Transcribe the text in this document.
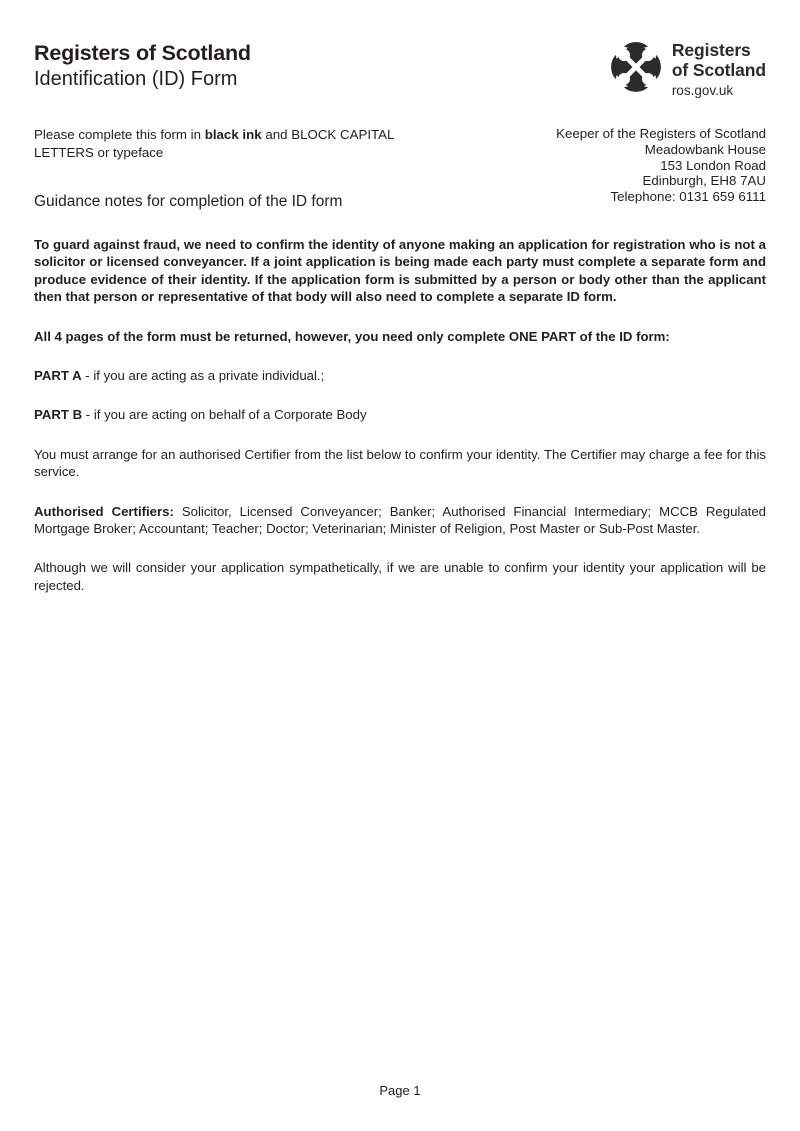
Registers of Scotland
Identification (ID) Form
Registers
of Scotland
ros.gov.uk
Please complete this form in black ink and BLOCK CAPITAL LETTERS or typeface
Keeper of the Registers of Scotland
Meadowbank House
153 London Road
Edinburgh, EH8 7AU
Telephone: 0131 659 6111
Guidance notes for completion of the ID form

To guard against fraud, we need to confirm the identity of anyone making an application for registration who is not a solicitor or licensed conveyancer. If a joint application is being made each party must complete a separate form and produce evidence of their identity. If the application form is submitted by a person or body other than the applicant then that person or representative of that body will also need to complete a separate ID form.

All 4 pages of the form must be returned, however, you need only complete ONE PART of the ID form:

PART A - if you are acting as a private individual.;

PART B - if you are acting on behalf of a Corporate Body

You must arrange for an authorised Certifier from the list below to confirm your identity. The Certifier may charge a fee for this service.

Authorised Certifiers: Solicitor, Licensed Conveyancer; Banker; Authorised Financial Intermediary; MCCB Regulated Mortgage Broker; Accountant; Teacher; Doctor; Veterinarian; Minister of Religion, Post Master or Sub-Post Master.

Although we will consider your application sympathetically, if we are unable to confirm your identity your application will be rejected.

Page 1
